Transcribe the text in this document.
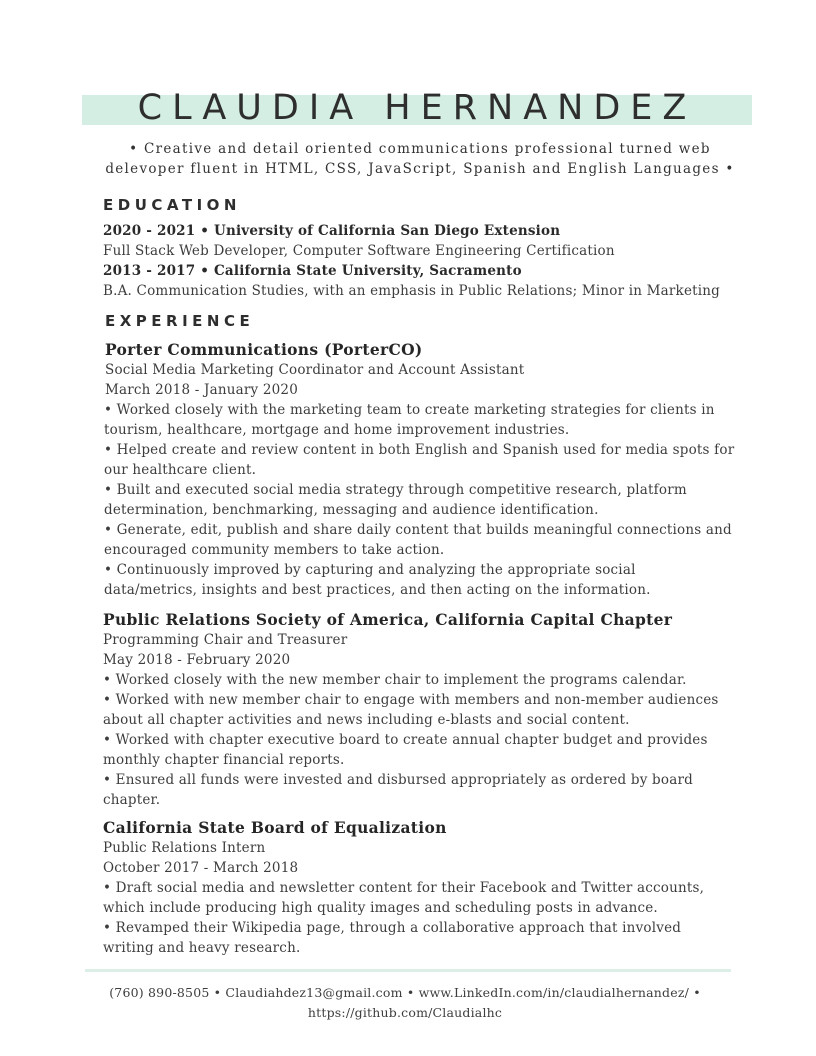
CLAUDIA HERNANDEZ
• Creative and detail oriented communications professional turned web delevoper fluent in HTML, CSS, JavaScript, Spanish and English Languages •
EDUCATION
2020 - 2021 • University of California San Diego Extension
Full Stack Web Developer, Computer Software Engineering Certification
2013 - 2017 • California State University, Sacramento
B.A. Communication Studies, with an emphasis in Public Relations; Minor in Marketing
EXPERIENCE
Porter Communications (PorterCO)
Social Media Marketing Coordinator and Account Assistant
March 2018 - January 2020
• Worked closely with the marketing team to create marketing strategies for clients in
tourism, healthcare, mortgage and home improvement industries.
• Helped create and review content in both English and Spanish used for media spots for
our healthcare client.
• Built and executed social media strategy through competitive research, platform
determination, benchmarking, messaging and audience identification.
• Generate, edit, publish and share daily content that builds meaningful connections and
encouraged community members to take action.
• Continuously improved by capturing and analyzing the appropriate social
data/metrics, insights and best practices, and then acting on the information.
Public Relations Society of America, California Capital Chapter
Programming Chair and Treasurer
May 2018 - February 2020
• Worked closely with the new member chair to implement the programs calendar.
• Worked with new member chair to engage with members and non-member audiences
about all chapter activities and news including e-blasts and social content.
• Worked with chapter executive board to create annual chapter budget and provides
monthly chapter financial reports.
• Ensured all funds were invested and disbursed appropriately as ordered by board
chapter.
California State Board of Equalization
Public Relations Intern
October 2017 - March 2018
• Draft social media and newsletter content for their Facebook and Twitter accounts,
which include producing high quality images and scheduling posts in advance.
• Revamped their Wikipedia page, through a collaborative approach that involved
writing and heavy research.
(760) 890-8505 • Claudiahdez13@gmail.com • www.LinkedIn.com/in/claudialhernandez/ •
https://github.com/Claudialhc
